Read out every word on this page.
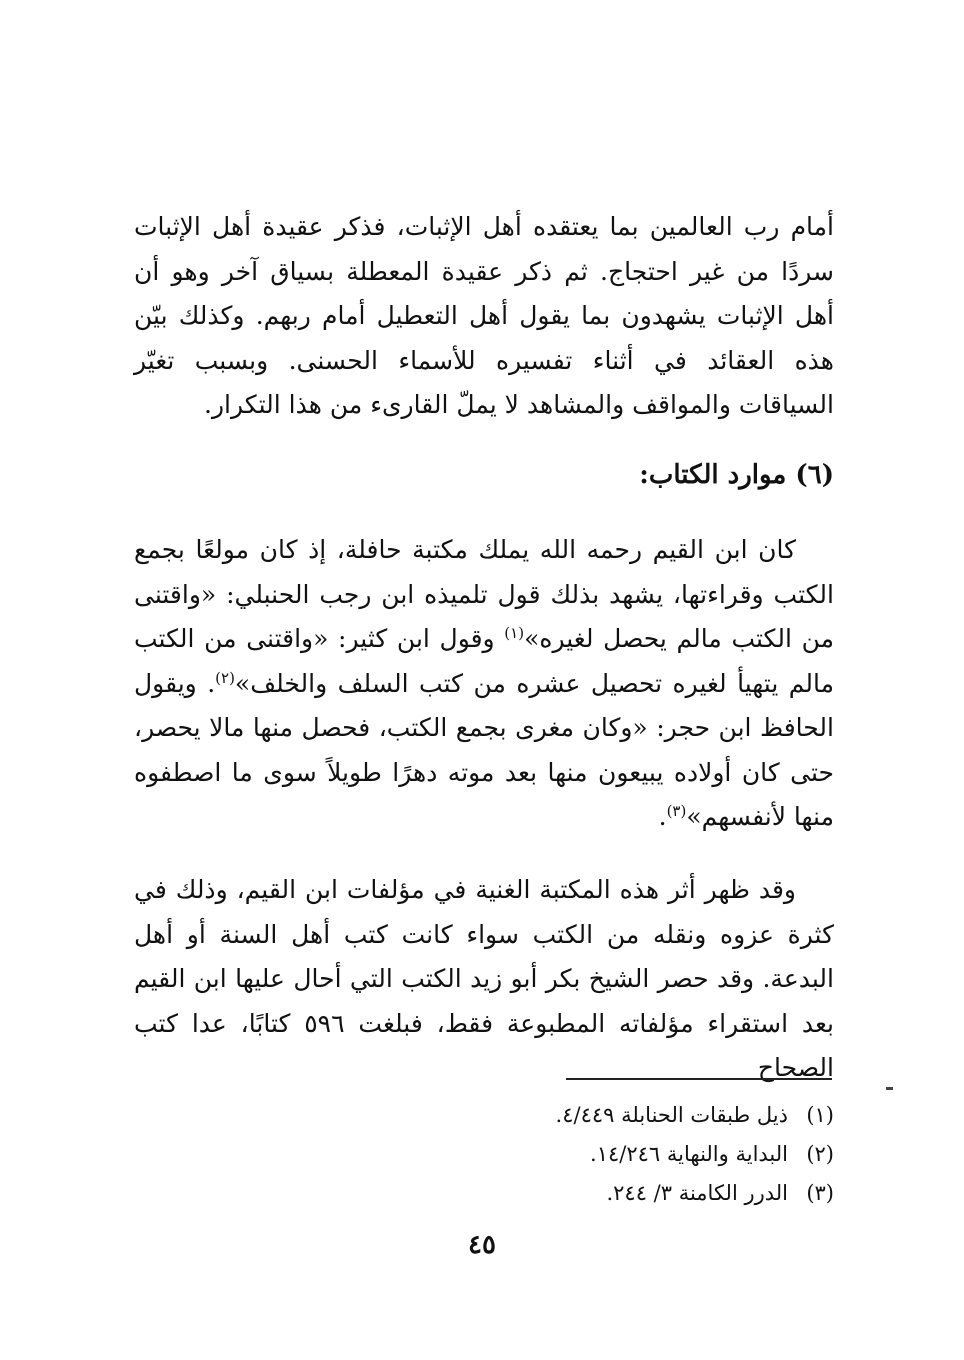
أمام رب العالمين بما يعتقده أهل الإثبات، فذكر عقيدة أهل الإثبات سردًا من غير احتجاج. ثم ذكر عقيدة المعطلة بسياق آخر وهو أن أهل الإثبات يشهدون بما يقول أهل التعطيل أمام ربهم. وكذلك بيّن هذه العقائد في أثناء تفسيره للأسماء الحسنى. وبسبب تغيّر السياقات والمواقف والمشاهد لا يملّ القارىء من هذا التكرار.

(٦) موارد الكتاب:

كان ابن القيم رحمه الله يملك مكتبة حافلة، إذ كان مولعًا بجمع الكتب وقراءتها، يشهد بذلك قول تلميذه ابن رجب الحنبلي: «واقتنى من الكتب مالم يحصل لغيره»$^{(١)}$ وقول ابن كثير: «واقتنى من الكتب مالم يتهيأ لغيره تحصيل عشره من كتب السلف والخلف»$^{(٢)}$. ويقول الحافظ ابن حجر: «وكان مغرى بجمع الكتب، فحصل منها مالا يحصر، حتى كان أولاده يبيعون منها بعد موته دهرًا طويلاً سوى ما اصطفوه منها لأنفسهم»$^{(٣)}$.

وقد ظهر أثر هذه المكتبة الغنية في مؤلفات ابن القيم، وذلك في كثرة عزوه ونقله من الكتب سواء كانت كتب أهل السنة أو أهل البدعة. وقد حصر الشيخ بكر أبو زيد الكتب التي أحال عليها ابن القيم بعد استقراء مؤلفاته المطبوعة فقط، فبلغت ٥٩٦ كتابًا، عدا كتب الصحاح

(١)ذيل طبقات الحنابلة ٤/٤٤٩.
(٢)البداية والنهاية ١٤/٢٤٦.
(٣)الدرر الكامنة ٣/ ٢٤٤.
٤٥
